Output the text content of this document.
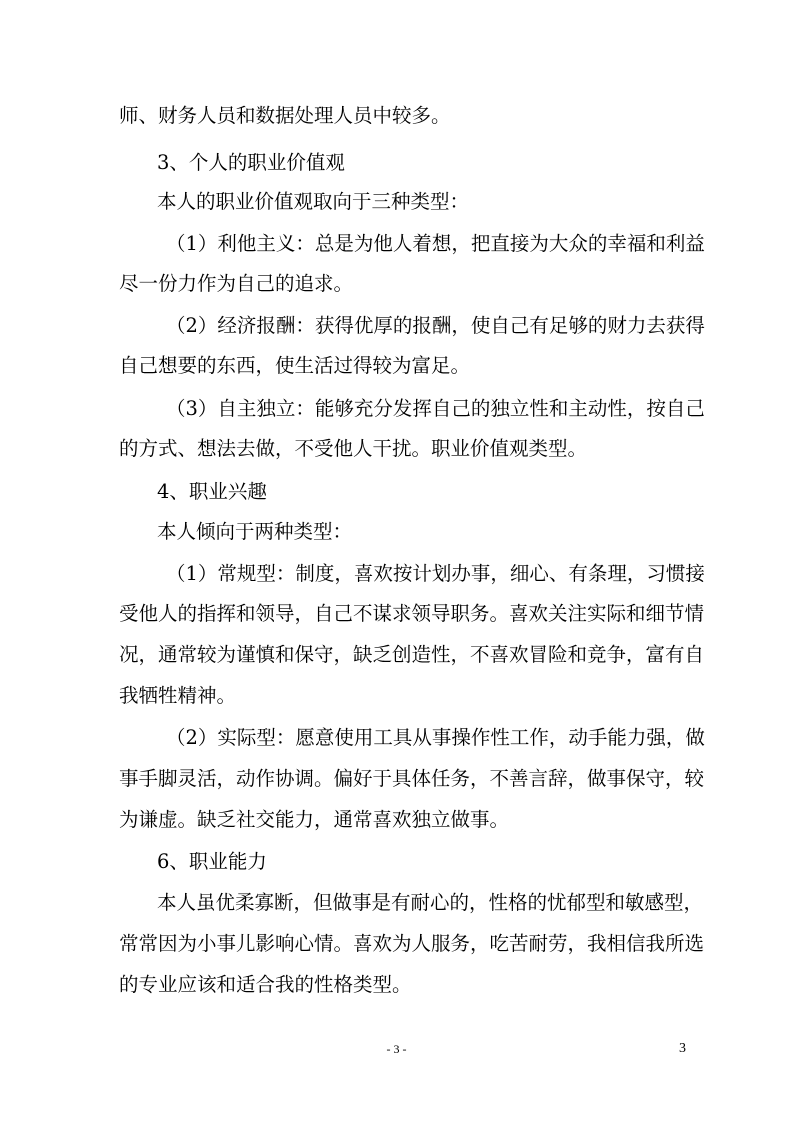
师、财务人员和数据处理人员中较多。

3、个人的职业价值观

本人的职业价值观取向于三种类型：

（1）利他主义：总是为他人着想，把直接为大众的幸福和利益

尽一份力作为自己的追求。

（2）经济报酬：获得优厚的报酬，使自己有足够的财力去获得

自己想要的东西，使生活过得较为富足。

（3）自主独立：能够充分发挥自己的独立性和主动性，按自己

的方式、想法去做，不受他人干扰。职业价值观类型。

4、职业兴趣

本人倾向于两种类型：

（1）常规型：制度，喜欢按计划办事，细心、有条理，习惯接

受他人的指挥和领导，自己不谋求领导职务。喜欢关注实际和细节情

况，通常较为谨慎和保守，缺乏创造性，不喜欢冒险和竞争，富有自

我牺牲精神。

（2）实际型：愿意使用工具从事操作性工作，动手能力强，做

事手脚灵活，动作协调。偏好于具体任务，不善言辞，做事保守，较

为谦虚。缺乏社交能力，通常喜欢独立做事。

6、职业能力

本人虽优柔寡断，但做事是有耐心的，性格的忧郁型和敏感型，

常常因为小事儿影响心情。喜欢为人服务，吃苦耐劳，我相信我所选

的专业应该和适合我的性格类型。

- 3 -	3
